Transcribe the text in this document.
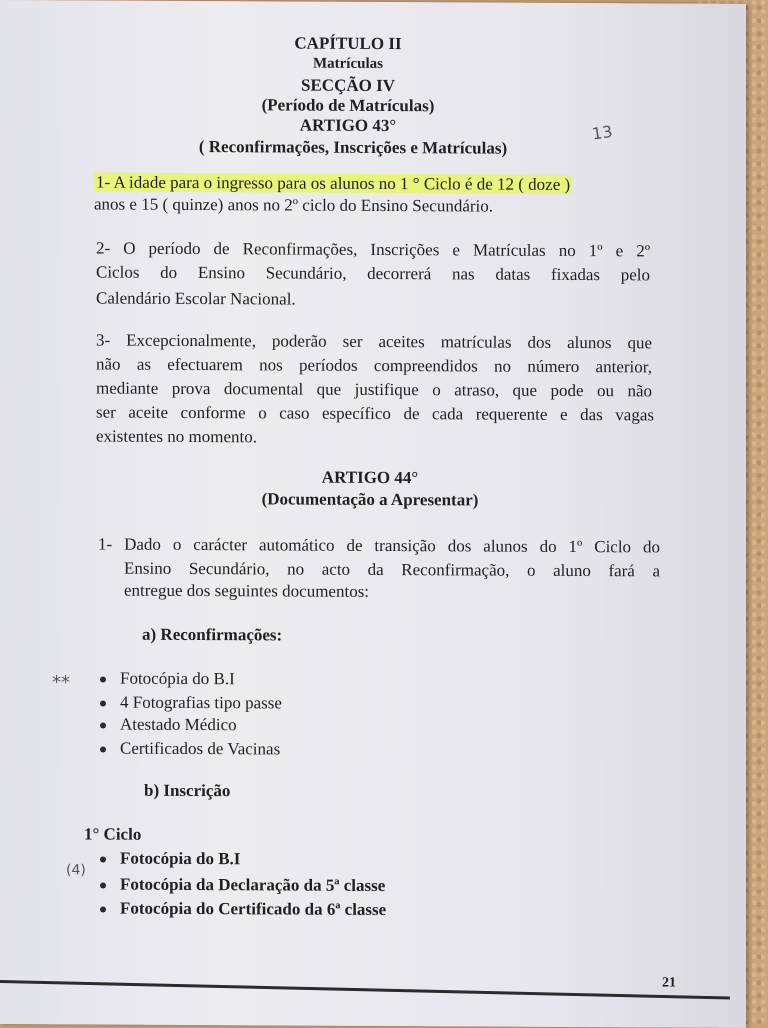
CAPÍTULO II
Matrículas
SECÇÃO IV
(Período de Matrículas)
ARTIGO 43°
( Reconfirmações, Inscrições e Matrículas)
13
1- A idade para o ingresso para os alunos no 1 ° Ciclo é de 12 ( doze )
anos e 15 ( quinze) anos no 2º ciclo do Ensino Secundário.
2- O período de Reconfirmações, Inscrições e Matrículas no 1º e 2º
Ciclos do Ensino Secundário, decorrerá nas datas fixadas pelo
Calendário Escolar Nacional.
3- Excepcionalmente, poderão ser aceites matrículas dos alunos que
não as efectuarem nos períodos compreendidos no número anterior,
mediante prova documental que justifique o atraso, que pode ou não
ser aceite conforme o caso específico de cada requerente e das vagas
existentes no momento.
ARTIGO 44°
(Documentação a Apresentar)
1- Dado o carácter automático de transição dos alunos do 1º Ciclo do
Ensino Secundário, no acto da Reconfirmação, o aluno fará a
entregue dos seguintes documentos:
a) Reconfirmações:
**	Fotocópia do B.I
4 Fotografias tipo passe
Atestado Médico
Certificados de Vacinas
b) Inscrição
1° Ciclo
(4)
Fotocópia do B.I
Fotocópia da Declaração da 5ª classe
Fotocópia do Certificado da 6ª classe
21
